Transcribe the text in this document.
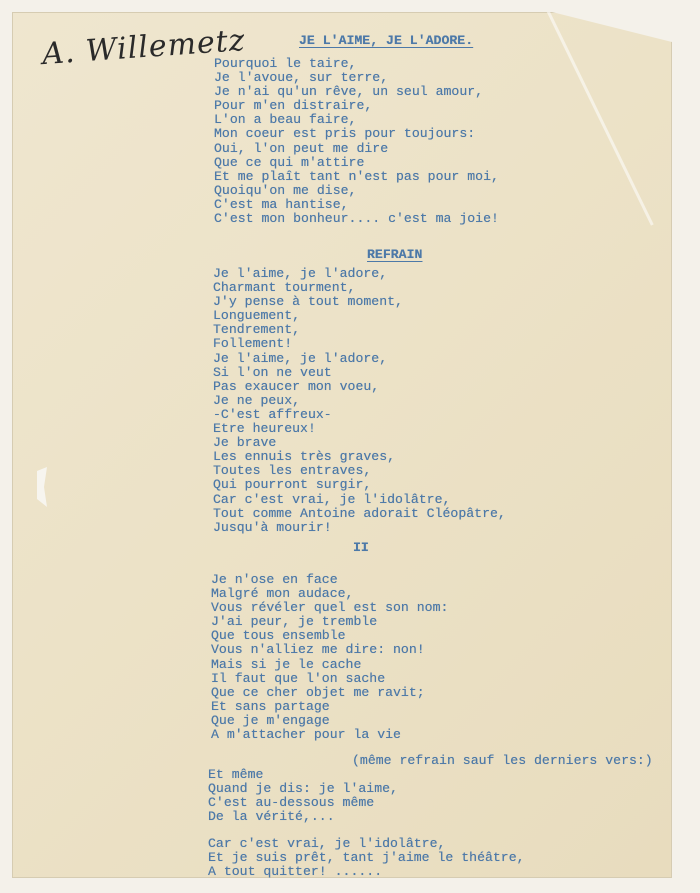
A. Willemetz	JE L'AIME, JE L'ADORE.
Pourquoi le taire,
Je l'avoue, sur terre,
Je n'ai qu'un rêve, un seul amour,
Pour m'en distraire,
L'on a beau faire,
Mon coeur est pris pour toujours:
Oui, l'on peut me dire
Que ce qui m'attire
Et me plaît tant n'est pas pour moi,
Quoiqu'on me dise,
C'est ma hantise,
C'est mon bonheur.... c'est ma joie!
REFRAIN
Je l'aime, je l'adore,
Charmant tourment,
J'y pense à tout moment,
Longuement,
Tendrement,
Follement!
Je l'aime, je l'adore,
Si l'on ne veut
Pas exaucer mon voeu,
Je ne peux,
-C'est affreux-
Etre heureux!
Je brave
Les ennuis très graves,
Toutes les entraves,
Qui pourront surgir,
Car c'est vrai, je l'idolâtre,
Tout comme Antoine adorait Cléopâtre,
Jusqu'à mourir!
II
Je n'ose en face
Malgré mon audace,
Vous révéler quel est son nom:
J'ai peur, je tremble
Que tous ensemble
Vous n'alliez me dire: non!
Mais si je le cache
Il faut que l'on sache
Que ce cher objet me ravit;
Et sans partage
Que je m'engage
A m'attacher pour la vie
(même refrain sauf les derniers vers:)
Et même
Quand je dis: je l'aime,
C'est au-dessous même
De la vérité,...
Car c'est vrai, je l'idolâtre,
Et je suis prêt, tant j'aime le théâtre,
A tout quitter! ......
